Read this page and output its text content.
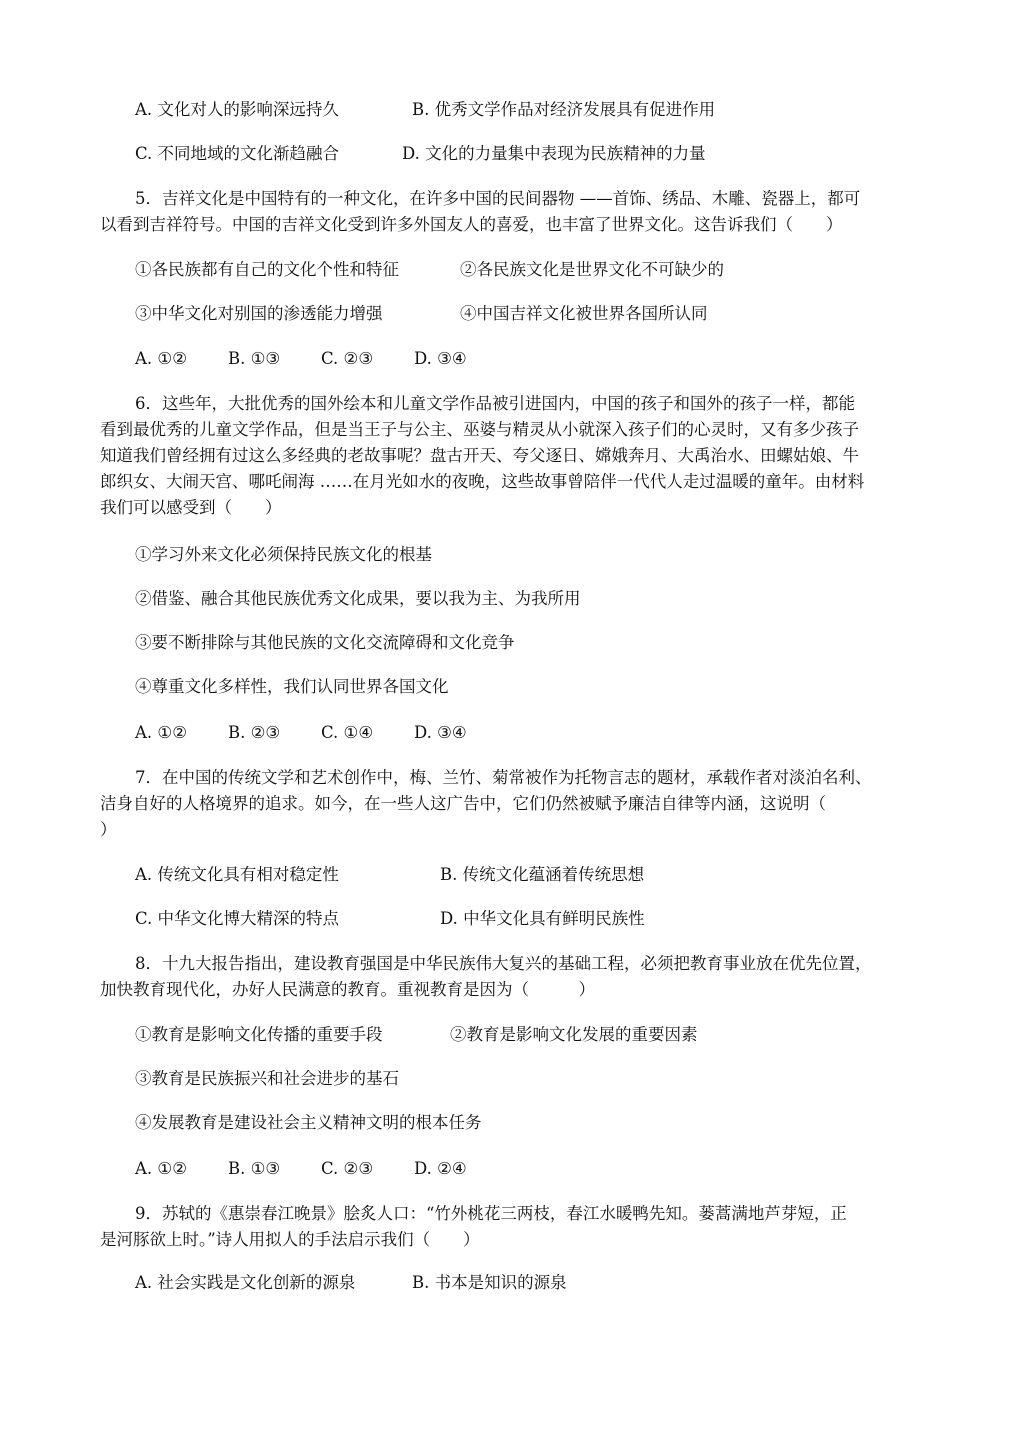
A. 文化对人的影响深远持久	B. 优秀文学作品对经济发展具有促进作用
C. 不同地域的文化渐趋融合	D. 文化的力量集中表现为民族精神的力量
5．吉祥文化是中国特有的一种文化，在许多中国的民间器物 ——首饰、绣品、木雕、瓷器上，都可
以看到吉祥符号。中国的吉祥文化受到许多外国友人的喜爱，也丰富了世界文化。这告诉我们（　　）
①各民族都有自己的文化个性和特征	②各民族文化是世界文化不可缺少的
③中华文化对别国的渗透能力增强	④中国吉祥文化被世界各国所认同
A. ①② B. ①③ C. ②③ D. ③④
6．这些年，大批优秀的国外绘本和儿童文学作品被引进国内，中国的孩子和国外的孩子一样，都能
看到最优秀的儿童文学作品，但是当王子与公主、巫婆与精灵从小就深入孩子们的心灵时，又有多少孩子
知道我们曾经拥有过这么多经典的老故事呢？盘古开天、夸父逐日、嫦娥奔月、大禹治水、田螺姑娘、牛
郎织女、大闹天宫、哪吒闹海 ……在月光如水的夜晚，这些故事曾陪伴一代代人走过温暖的童年。由材料
我们可以感受到（　　）
①学习外来文化必须保持民族文化的根基
②借鉴、融合其他民族优秀文化成果，要以我为主、为我所用
③要不断排除与其他民族的文化交流障碍和文化竞争
④尊重文化多样性，我们认同世界各国文化
A. ①② B. ②③ C. ①④ D. ③④
7．在中国的传统文学和艺术创作中，梅、兰竹、菊常被作为托物言志的题材，承载作者对淡泊名利、
洁身自好的人格境界的追求。如今，在一些人这广告中，它们仍然被赋予廉洁自律等内涵，这说明（
）
A. 传统文化具有相对稳定性	B. 传统文化蕴涵着传统思想
C. 中华文化博大精深的特点	D. 中华文化具有鲜明民族性
8．十九大报告指出，建设教育强国是中华民族伟大复兴的基础工程，必须把教育事业放在优先位置，
加快教育现代化，办好人民满意的教育。重视教育是因为（　　　）
①教育是影响文化传播的重要手段	②教育是影响文化发展的重要因素
③教育是民族振兴和社会进步的基石
④发展教育是建设社会主义精神文明的根本任务
A. ①② B. ①③ C. ②③ D. ②④
9．苏轼的《惠崇春江晚景》脍炙人口：“竹外桃花三两枝，春江水暖鸭先知。蒌蒿满地芦芽短，正
是河豚欲上时。”诗人用拟人的手法启示我们（　　）
A. 社会实践是文化创新的源泉	B. 书本是知识的源泉
